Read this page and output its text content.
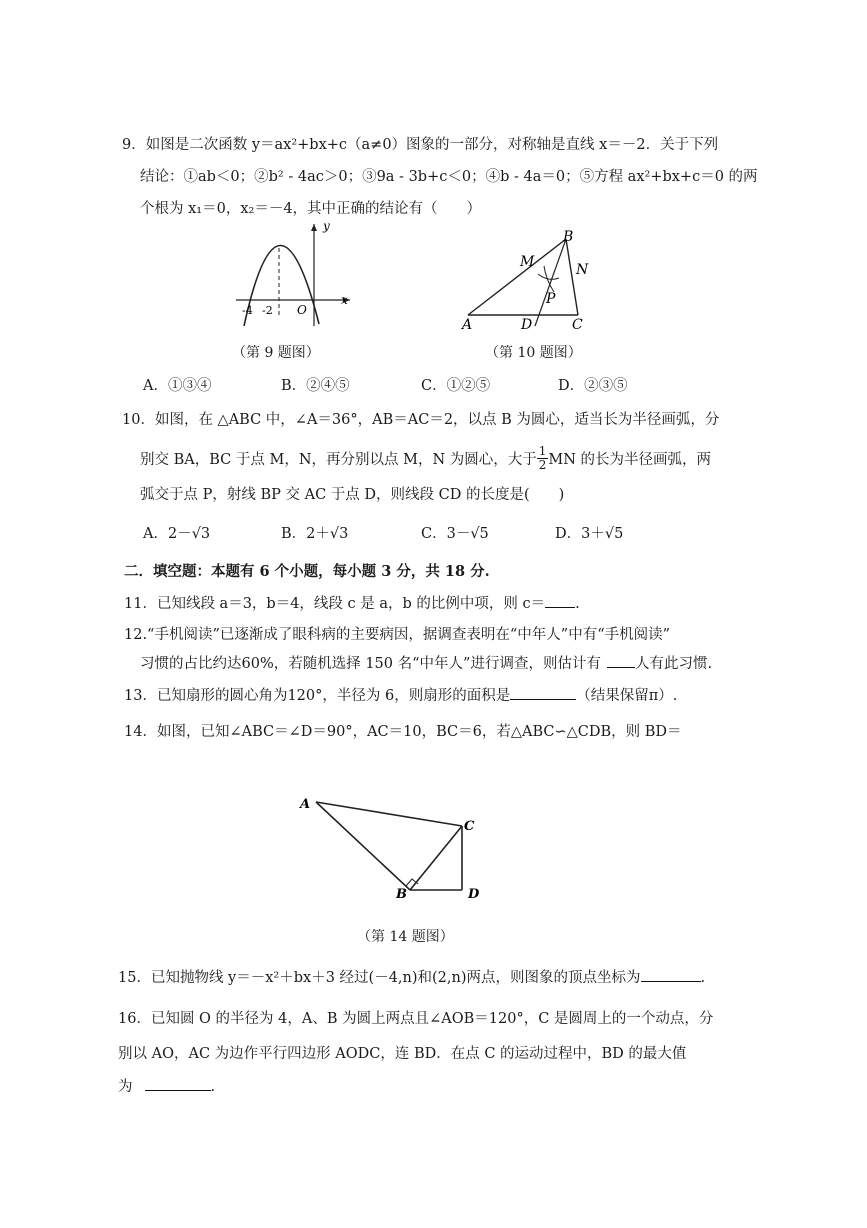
9．如图是二次函数 y＝ax²+bx+c（a≠0）图象的一部分，对称轴是直线 x＝－2．关于下列
结论：①ab＜0；②b² - 4ac＞0；③9a - 3b+c＜0；④b - 4a＝0；⑤方程 ax²+bx+c＝0 的两
个根为 x₁＝0，x₂＝－4，其中正确的结论有（　　）
y
x
O
-4 -2
（第 9 题图）
B
M	N
P
A	D	C
（第 10 题图）
A．①③④	B．②④⑤	C．①②⑤	D．②③⑤
10．如图，在 △ABC 中，∠A＝36°，AB＝AC＝2，以点 B 为圆心，适当长为半径画弧，分
别交 BA，BC 于点 M，N，再分别以点 M，N 为圆心，大于 $\frac{1}{2}$ MN 的长为半径画弧，两
弧交于点 P，射线 BP 交 AC 于点 D，则线段 CD 的长度是(　　)
A．2－√3	B．2＋√3	C．3－√5	D．3＋√5
二．填空题：本题有 6 个小题，每小题 3 分，共 18 分.
11．已知线段 a＝3，b＝4，线段 c 是 a，b 的比例中项，则 c＝ .
12.“手机阅读”已逐渐成了眼科病的主要病因，据调查表明在“中年人”中有“手机阅读”
习惯的占比约达60%，若随机选择 150 名“中年人”进行调查，则估计有 人有此习惯.
13．已知扇形的圆心角为120°，半径为 6，则扇形的面积是	（结果保留π）.
14．如图，已知∠ABC＝∠D＝90°，AC＝10，BC＝6，若△ABC∽△CDB，则 BD＝
A
C
B	D
（第 14 题图）
15．已知抛物线 y＝－x²＋bx＋3 经过(－4,n)和(2,n)两点，则图象的顶点坐标为	.
16．已知圆 O 的半径为 4，A、B 为圆上两点且∠AOB＝120°，C 是圆周上的一个动点，分
别以 AO，AC 为边作平行四边形 AODC，连 BD．在点 C 的运动过程中，BD 的最大值
为	.
